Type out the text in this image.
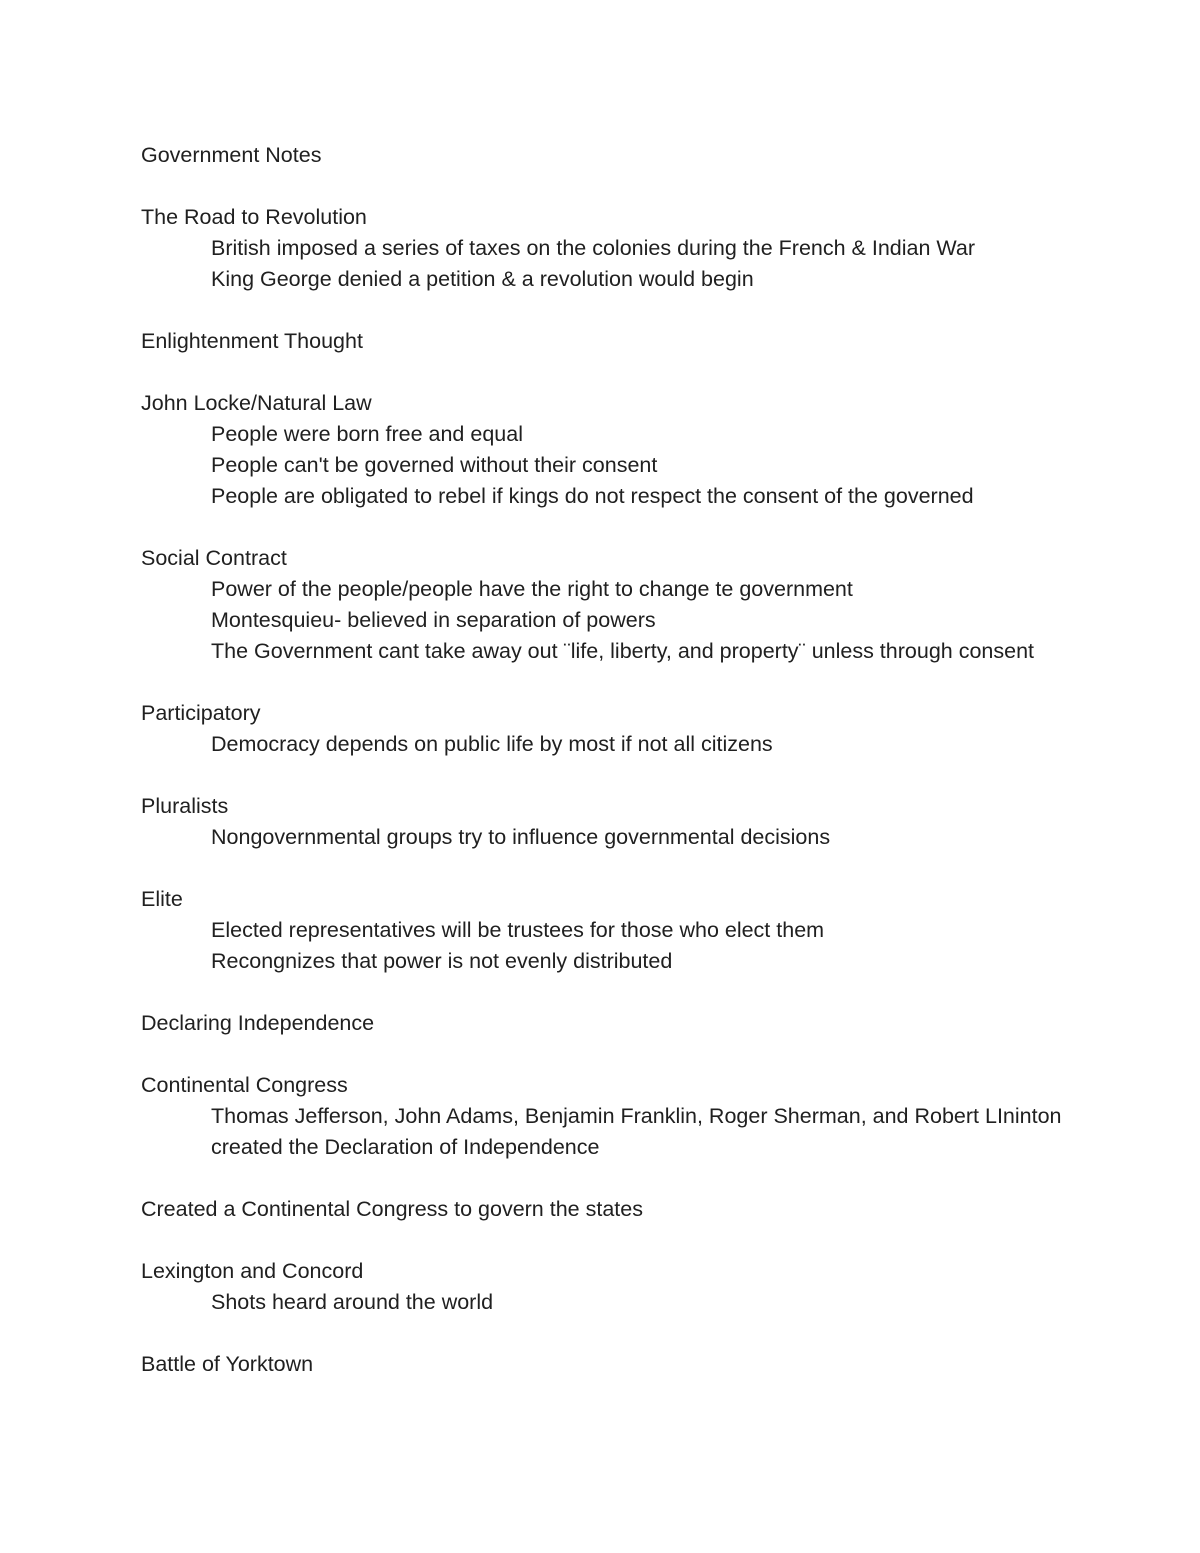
Government Notes
The Road to Revolution
British imposed a series of taxes on the colonies during the French & Indian War
King George denied a petition & a revolution would begin
Enlightenment Thought
John Locke/Natural Law
People were born free and equal
People can't be governed without their consent
People are obligated to rebel if kings do not respect the consent of the governed
Social Contract
Power of the people/people have the right to change te government
Montesquieu- believed in separation of powers
The Government cant take away out ¨life, liberty, and property¨ unless through consent
Participatory
Democracy depends on public life by most if not all citizens
Pluralists
Nongovernmental groups try to influence governmental decisions
Elite
Elected representatives will be trustees for those who elect them
Recongnizes that power is not evenly distributed
Declaring Independence
Continental Congress
Thomas Jefferson, John Adams, Benjamin Franklin, Roger Sherman, and Robert LIninton created the Declaration of Independence
Created a Continental Congress to govern the states
Lexington and Concord
Shots heard around the world
Battle of Yorktown
